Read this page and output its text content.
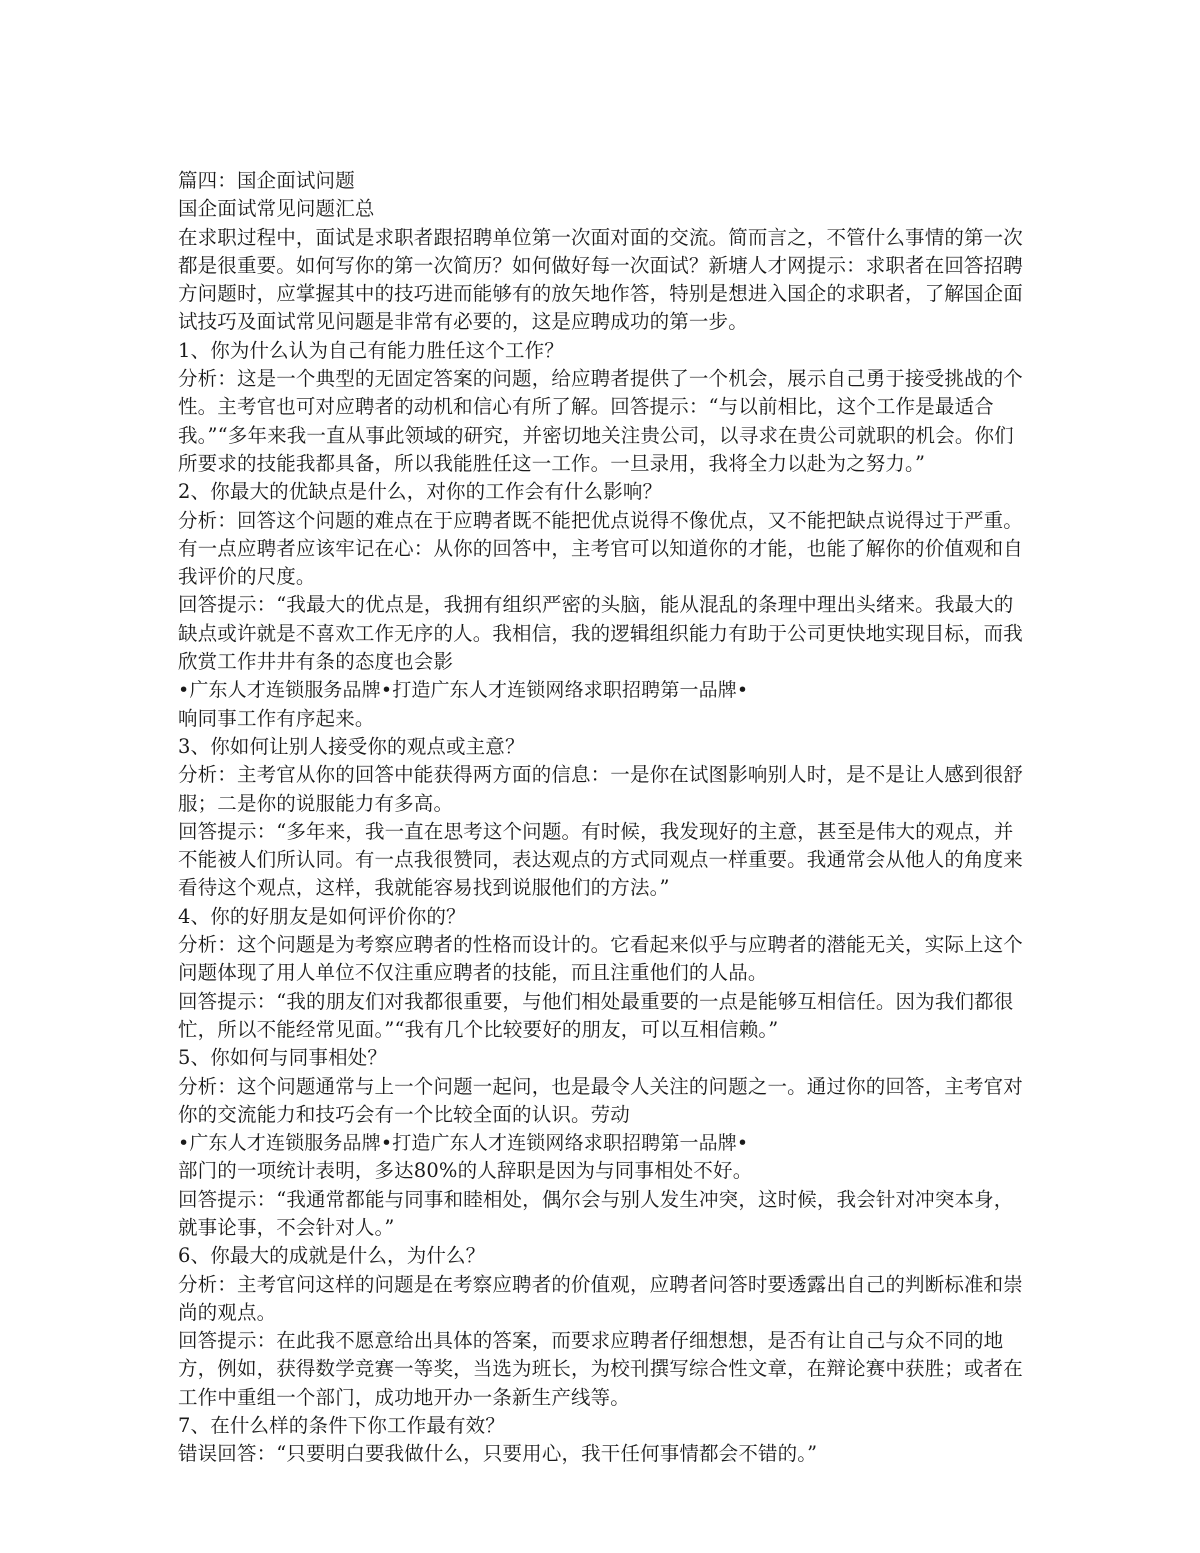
篇四：国企面试问题

国企面试常见问题汇总

在求职过程中，面试是求职者跟招聘单位第一次面对面的交流。简而言之，不管什么事情的第一次都是很重要。如何写你的第一次简历？如何做好每一次面试？新塘人才网提示：求职者在回答招聘方问题时，应掌握其中的技巧进而能够有的放矢地作答，特别是想进入国企的求职者，了解国企面试技巧及面试常见问题是非常有必要的，这是应聘成功的第一步。

1、你为什么认为自己有能力胜任这个工作？

分析：这是一个典型的无固定答案的问题，给应聘者提供了一个机会，展示自己勇于接受挑战的个性。主考官也可对应聘者的动机和信心有所了解。回答提示：“与以前相比，这个工作是最适合我。”“多年来我一直从事此领域的研究，并密切地关注贵公司，以寻求在贵公司就职的机会。你们所要求的技能我都具备，所以我能胜任这一工作。一旦录用，我将全力以赴为之努力。”

2、你最大的优缺点是什么，对你的工作会有什么影响？

分析：回答这个问题的难点在于应聘者既不能把优点说得不像优点，又不能把缺点说得过于严重。有一点应聘者应该牢记在心：从你的回答中，主考官可以知道你的才能，也能了解你的价值观和自我评价的尺度。

回答提示：“我最大的优点是，我拥有组织严密的头脑，能从混乱的条理中理出头绪来。我最大的缺点或许就是不喜欢工作无序的人。我相信，我的逻辑组织能力有助于公司更快地实现目标，而我欣赏工作井井有条的态度也会影

•广东人才连锁服务品牌•打造广东人才连锁网络求职招聘第一品牌•

响同事工作有序起来。

3、你如何让别人接受你的观点或主意？

分析：主考官从你的回答中能获得两方面的信息：一是你在试图影响别人时，是不是让人感到很舒服；二是你的说服能力有多高。

回答提示：“多年来，我一直在思考这个问题。有时候，我发现好的主意，甚至是伟大的观点，并不能被人们所认同。有一点我很赞同，表达观点的方式同观点一样重要。我通常会从他人的角度来看待这个观点，这样，我就能容易找到说服他们的方法。”

4、你的好朋友是如何评价你的？

分析：这个问题是为考察应聘者的性格而设计的。它看起来似乎与应聘者的潜能无关，实际上这个问题体现了用人单位不仅注重应聘者的技能，而且注重他们的人品。

回答提示：“我的朋友们对我都很重要，与他们相处最重要的一点是能够互相信任。因为我们都很忙，所以不能经常见面。”“我有几个比较要好的朋友，可以互相信赖。”

5、你如何与同事相处？

分析：这个问题通常与上一个问题一起问，也是最令人关注的问题之一。通过你的回答，主考官对你的交流能力和技巧会有一个比较全面的认识。劳动

•广东人才连锁服务品牌•打造广东人才连锁网络求职招聘第一品牌•

部门的一项统计表明，多达80%的人辞职是因为与同事相处不好。

回答提示：“我通常都能与同事和睦相处，偶尔会与别人发生冲突，这时候，我会针对冲突本身，就事论事，不会针对人。”

6、你最大的成就是什么，为什么？

分析：主考官问这样的问题是在考察应聘者的价值观，应聘者问答时要透露出自己的判断标准和崇尚的观点。

回答提示：在此我不愿意给出具体的答案，而要求应聘者仔细想想，是否有让自己与众不同的地方，例如，获得数学竞赛一等奖，当选为班长，为校刊撰写综合性文章，在辩论赛中获胜；或者在工作中重组一个部门，成功地开办一条新生产线等。

7、在什么样的条件下你工作最有效？

错误回答：“只要明白要我做什么，只要用心，我干任何事情都会不错的。”
